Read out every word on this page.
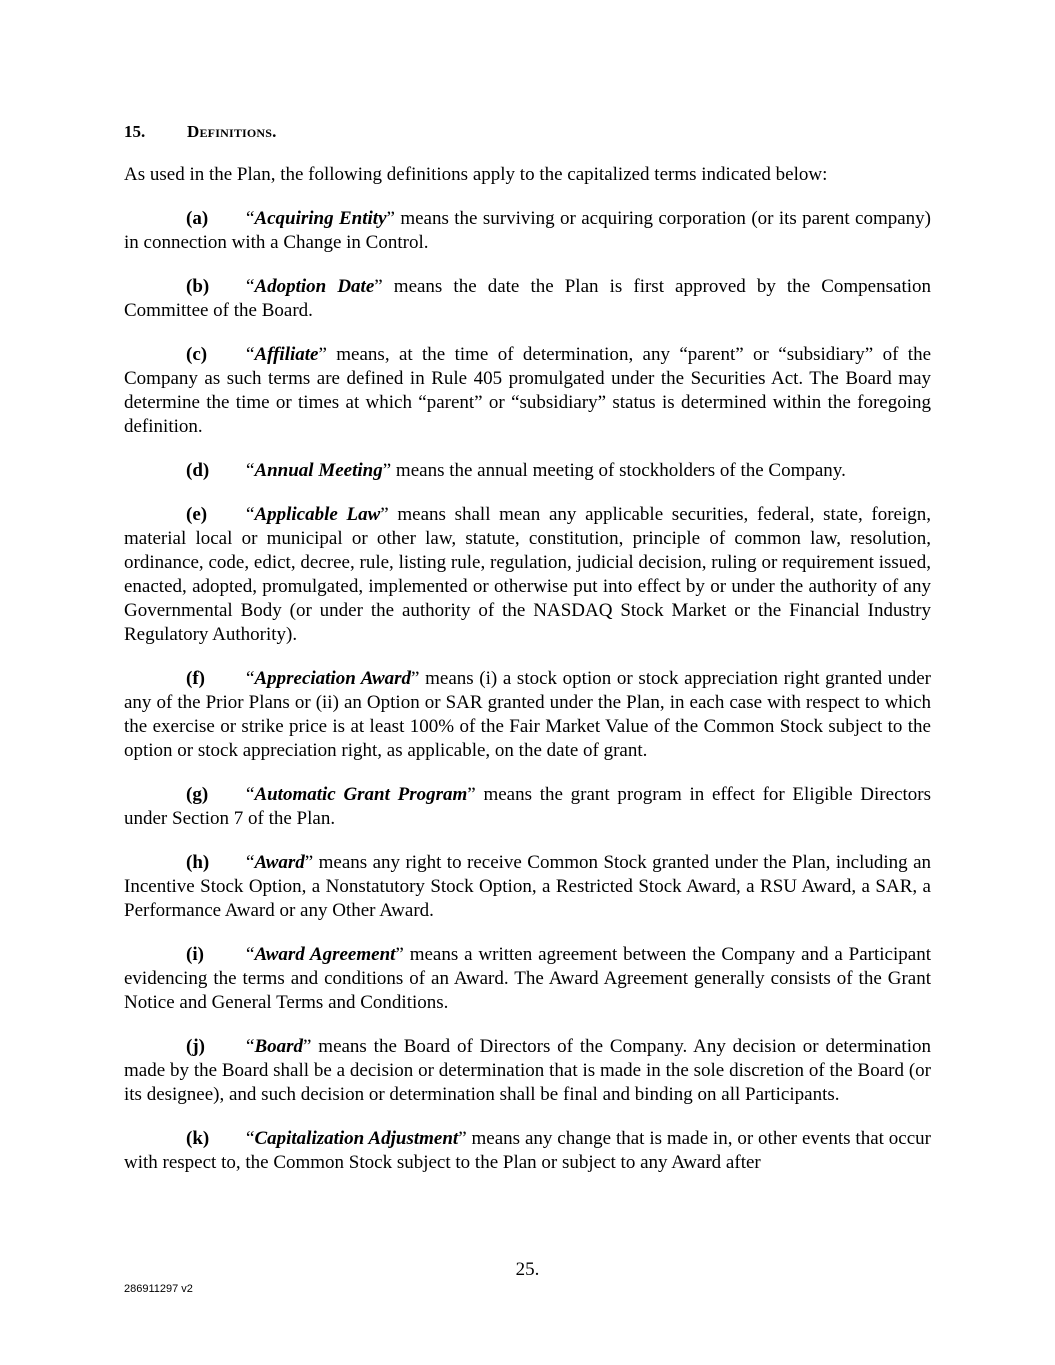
15. Definitions.

As used in the Plan, the following definitions apply to the capitalized terms indicated below:

(a) “Acquiring Entity” means the surviving or acquiring corporation (or its parent company) in connection with a Change in Control.

(b) “Adoption Date” means the date the Plan is first approved by the Compensation Committee of the Board.

(c) “Affiliate” means, at the time of determination, any “parent” or “subsidiary” of the Company as such terms are defined in Rule 405 promulgated under the Securities Act. The Board may determine the time or times at which “parent” or “subsidiary” status is determined within the foregoing definition.

(d) “Annual Meeting” means the annual meeting of stockholders of the Company.

(e) “Applicable Law” means shall mean any applicable securities, federal, state, foreign, material local or municipal or other law, statute, constitution, principle of common law, resolution, ordinance, code, edict, decree, rule, listing rule, regulation, judicial decision, ruling or requirement issued, enacted, adopted, promulgated, implemented or otherwise put into effect by or under the authority of any Governmental Body (or under the authority of the NASDAQ Stock Market or the Financial Industry Regulatory Authority).

(f) “Appreciation Award” means (i) a stock option or stock appreciation right granted under any of the Prior Plans or (ii) an Option or SAR granted under the Plan, in each case with respect to which the exercise or strike price is at least 100% of the Fair Market Value of the Common Stock subject to the option or stock appreciation right, as applicable, on the date of grant.

(g) “Automatic Grant Program” means the grant program in effect for Eligible Directors under Section 7 of the Plan.

(h) “Award” means any right to receive Common Stock granted under the Plan, including an Incentive Stock Option, a Nonstatutory Stock Option, a Restricted Stock Award, a RSU Award, a SAR, a Performance Award or any Other Award.

(i) “Award Agreement” means a written agreement between the Company and a Participant evidencing the terms and conditions of an Award. The Award Agreement generally consists of the Grant Notice and General Terms and Conditions.

(j) “Board” means the Board of Directors of the Company. Any decision or determination made by the Board shall be a decision or determination that is made in the sole discretion of the Board (or its designee), and such decision or determination shall be final and binding on all Participants.

(k) “Capitalization Adjustment” means any change that is made in, or other events that occur with respect to, the Common Stock subject to the Plan or subject to any Award after

25.
286911297 v2
